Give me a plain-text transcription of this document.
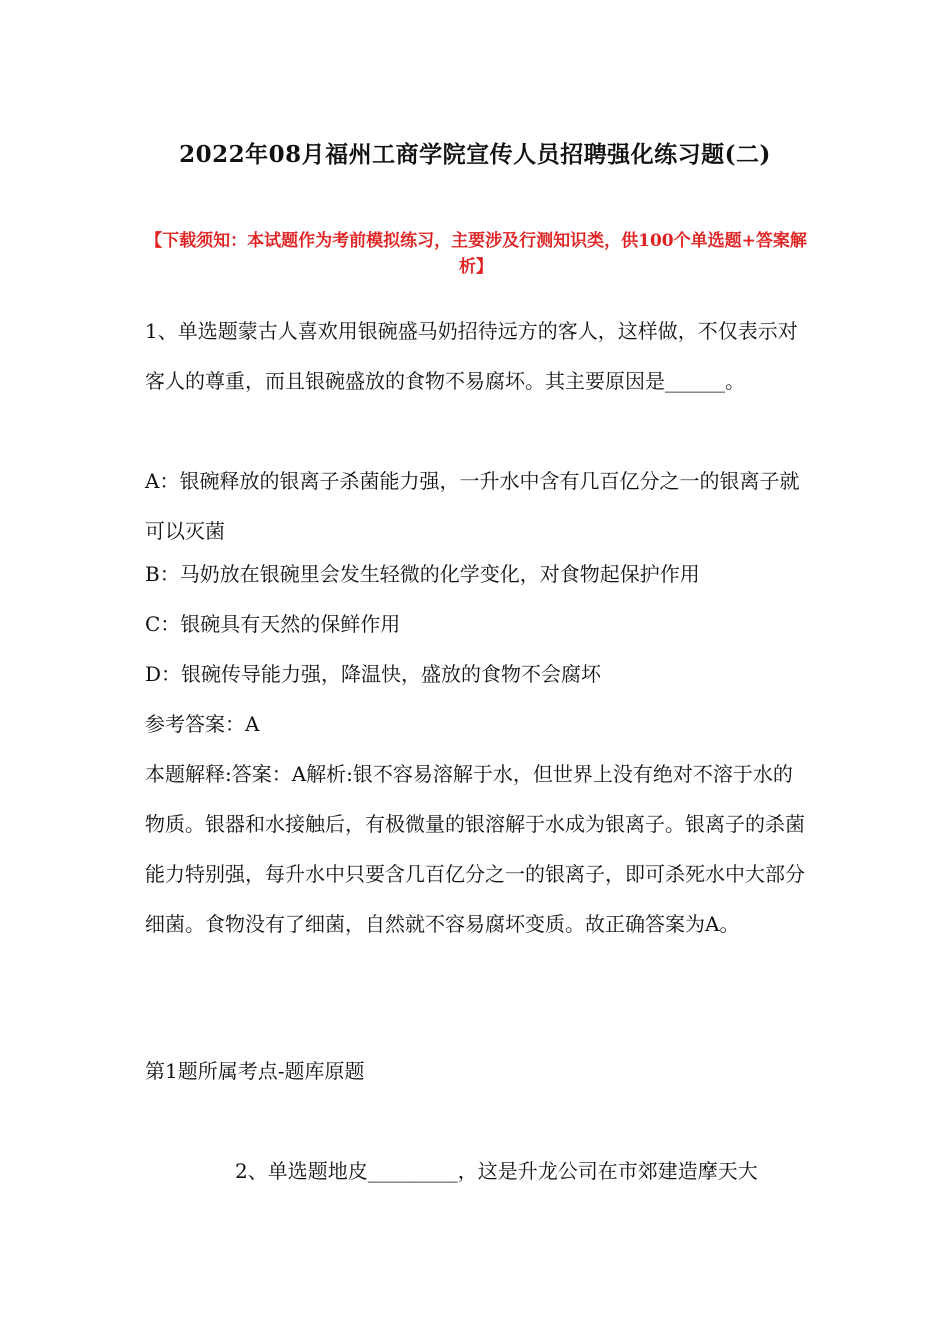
2022年08月福州工商学院宣传人员招聘强化练习题(二)
【下载须知：本试题作为考前模拟练习，主要涉及行测知识类，供100个单选题+答案解析】
1、单选题蒙古人喜欢用银碗盛马奶招待远方的客人，这样做，不仅表示对客人的尊重，而且银碗盛放的食物不易腐坏。其主要原因是______。
A：银碗释放的银离子杀菌能力强，一升水中含有几百亿分之一的银离子就可以灭菌
B：马奶放在银碗里会发生轻微的化学变化，对食物起保护作用
C：银碗具有天然的保鲜作用
D：银碗传导能力强，降温快，盛放的食物不会腐坏
参考答案：A
本题解释:答案：A解析:银不容易溶解于水，但世界上没有绝对不溶于水的物质。银器和水接触后，有极微量的银溶解于水成为银离子。银离子的杀菌能力特别强，每升水中只要含几百亿分之一的银离子，即可杀死水中大部分细菌。食物没有了细菌，自然就不容易腐坏变质。故正确答案为A。
第1题所属考点-题库原题
2、单选题地皮_________，这是升龙公司在市郊建造摩天大
